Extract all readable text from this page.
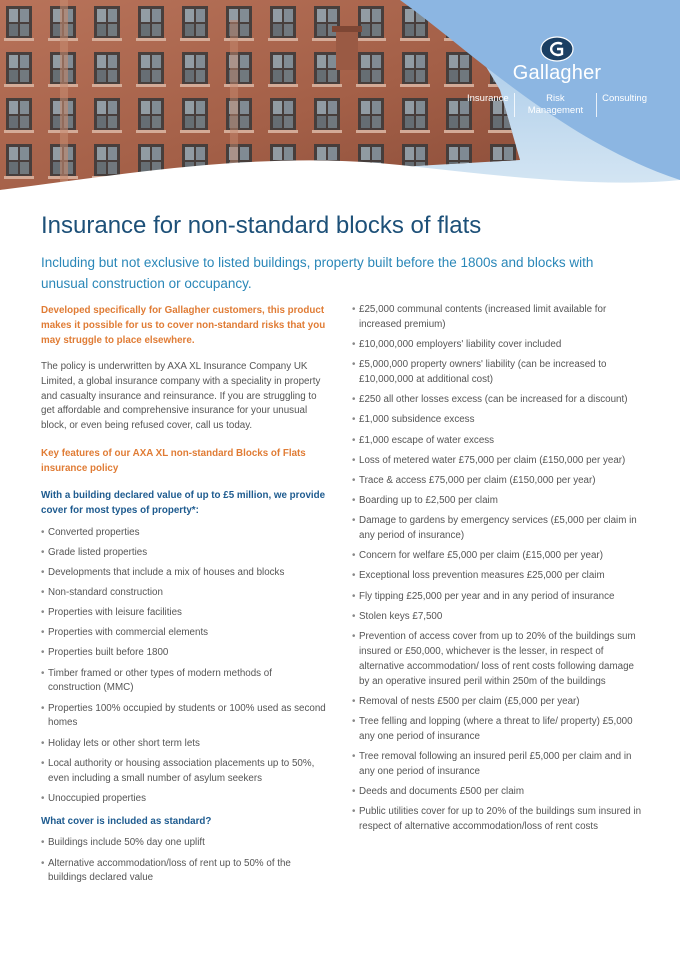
Gallagher
Insurance	Risk Management
Consulting
Insurance for non-standard blocks of flats

Including but not exclusive to listed buildings, property built before the 1800s and blocks with unusual construction or occupancy.

Developed specifically for Gallagher customers, this product makes it possible for us to cover non-standard risks that you may struggle to place elsewhere.

The policy is underwritten by AXA XL Insurance Company UK Limited, a global insurance company with a speciality in property and casualty insurance and reinsurance. If you are struggling to get affordable and comprehensive insurance for your unusual block, or even being refused cover, call us today.

Key features of our AXA XL non-standard Blocks of Flats insurance policy

With a building declared value of up to £5 million, we provide cover for most types of property*:

• Converted properties
• Grade listed properties
• Developments that include a mix of houses and blocks
• Non-standard construction
• Properties with leisure facilities
• Properties with commercial elements
• Properties built before 1800
• Timber framed or other types of modern methods of construction (MMC)
• Properties 100% occupied by students or 100% used as second homes
• Holiday lets or other short term lets
• Local authority or housing association placements up to 50%, even including a small number of asylum seekers
• Unoccupied properties

What cover is included as standard?

• Buildings include 50% day one uplift
• Alternative accommodation/loss of rent up to 50% of the buildings declared value
• £25,000 communal contents (increased limit available for increased premium)
• £10,000,000 employers' liability cover included
• £5,000,000 property owners' liability (can be increased to £10,000,000 at additional cost)
• £250 all other losses excess (can be increased for a discount)
• £1,000 subsidence excess
• £1,000 escape of water excess
• Loss of metered water £75,000 per claim (£150,000 per year)
• Trace & access £75,000 per claim (£150,000 per year)
• Boarding up to £2,500 per claim
• Damage to gardens by emergency services (£5,000 per claim in any period of insurance)
• Concern for welfare £5,000 per claim (£15,000 per year)
• Exceptional loss prevention measures £25,000 per claim
• Fly tipping £25,000 per year and in any period of insurance
• Stolen keys £7,500
• Prevention of access cover from up to 20% of the buildings sum insured or £50,000, whichever is the lesser, in respect of alternative accommodation/ loss of rent costs following damage by an operative insured peril within 250m of the buildings
• Removal of nests £500 per claim (£5,000 per year)
• Tree felling and lopping (where a threat to life/ property) £5,000 any one period of insurance
• Tree removal following an insured peril £5,000 per claim and in any one period of insurance
• Deeds and documents £500 per claim
• Public utilities cover for up to 20% of the buildings sum insured in respect of alternative accommodation/loss of rent costs
